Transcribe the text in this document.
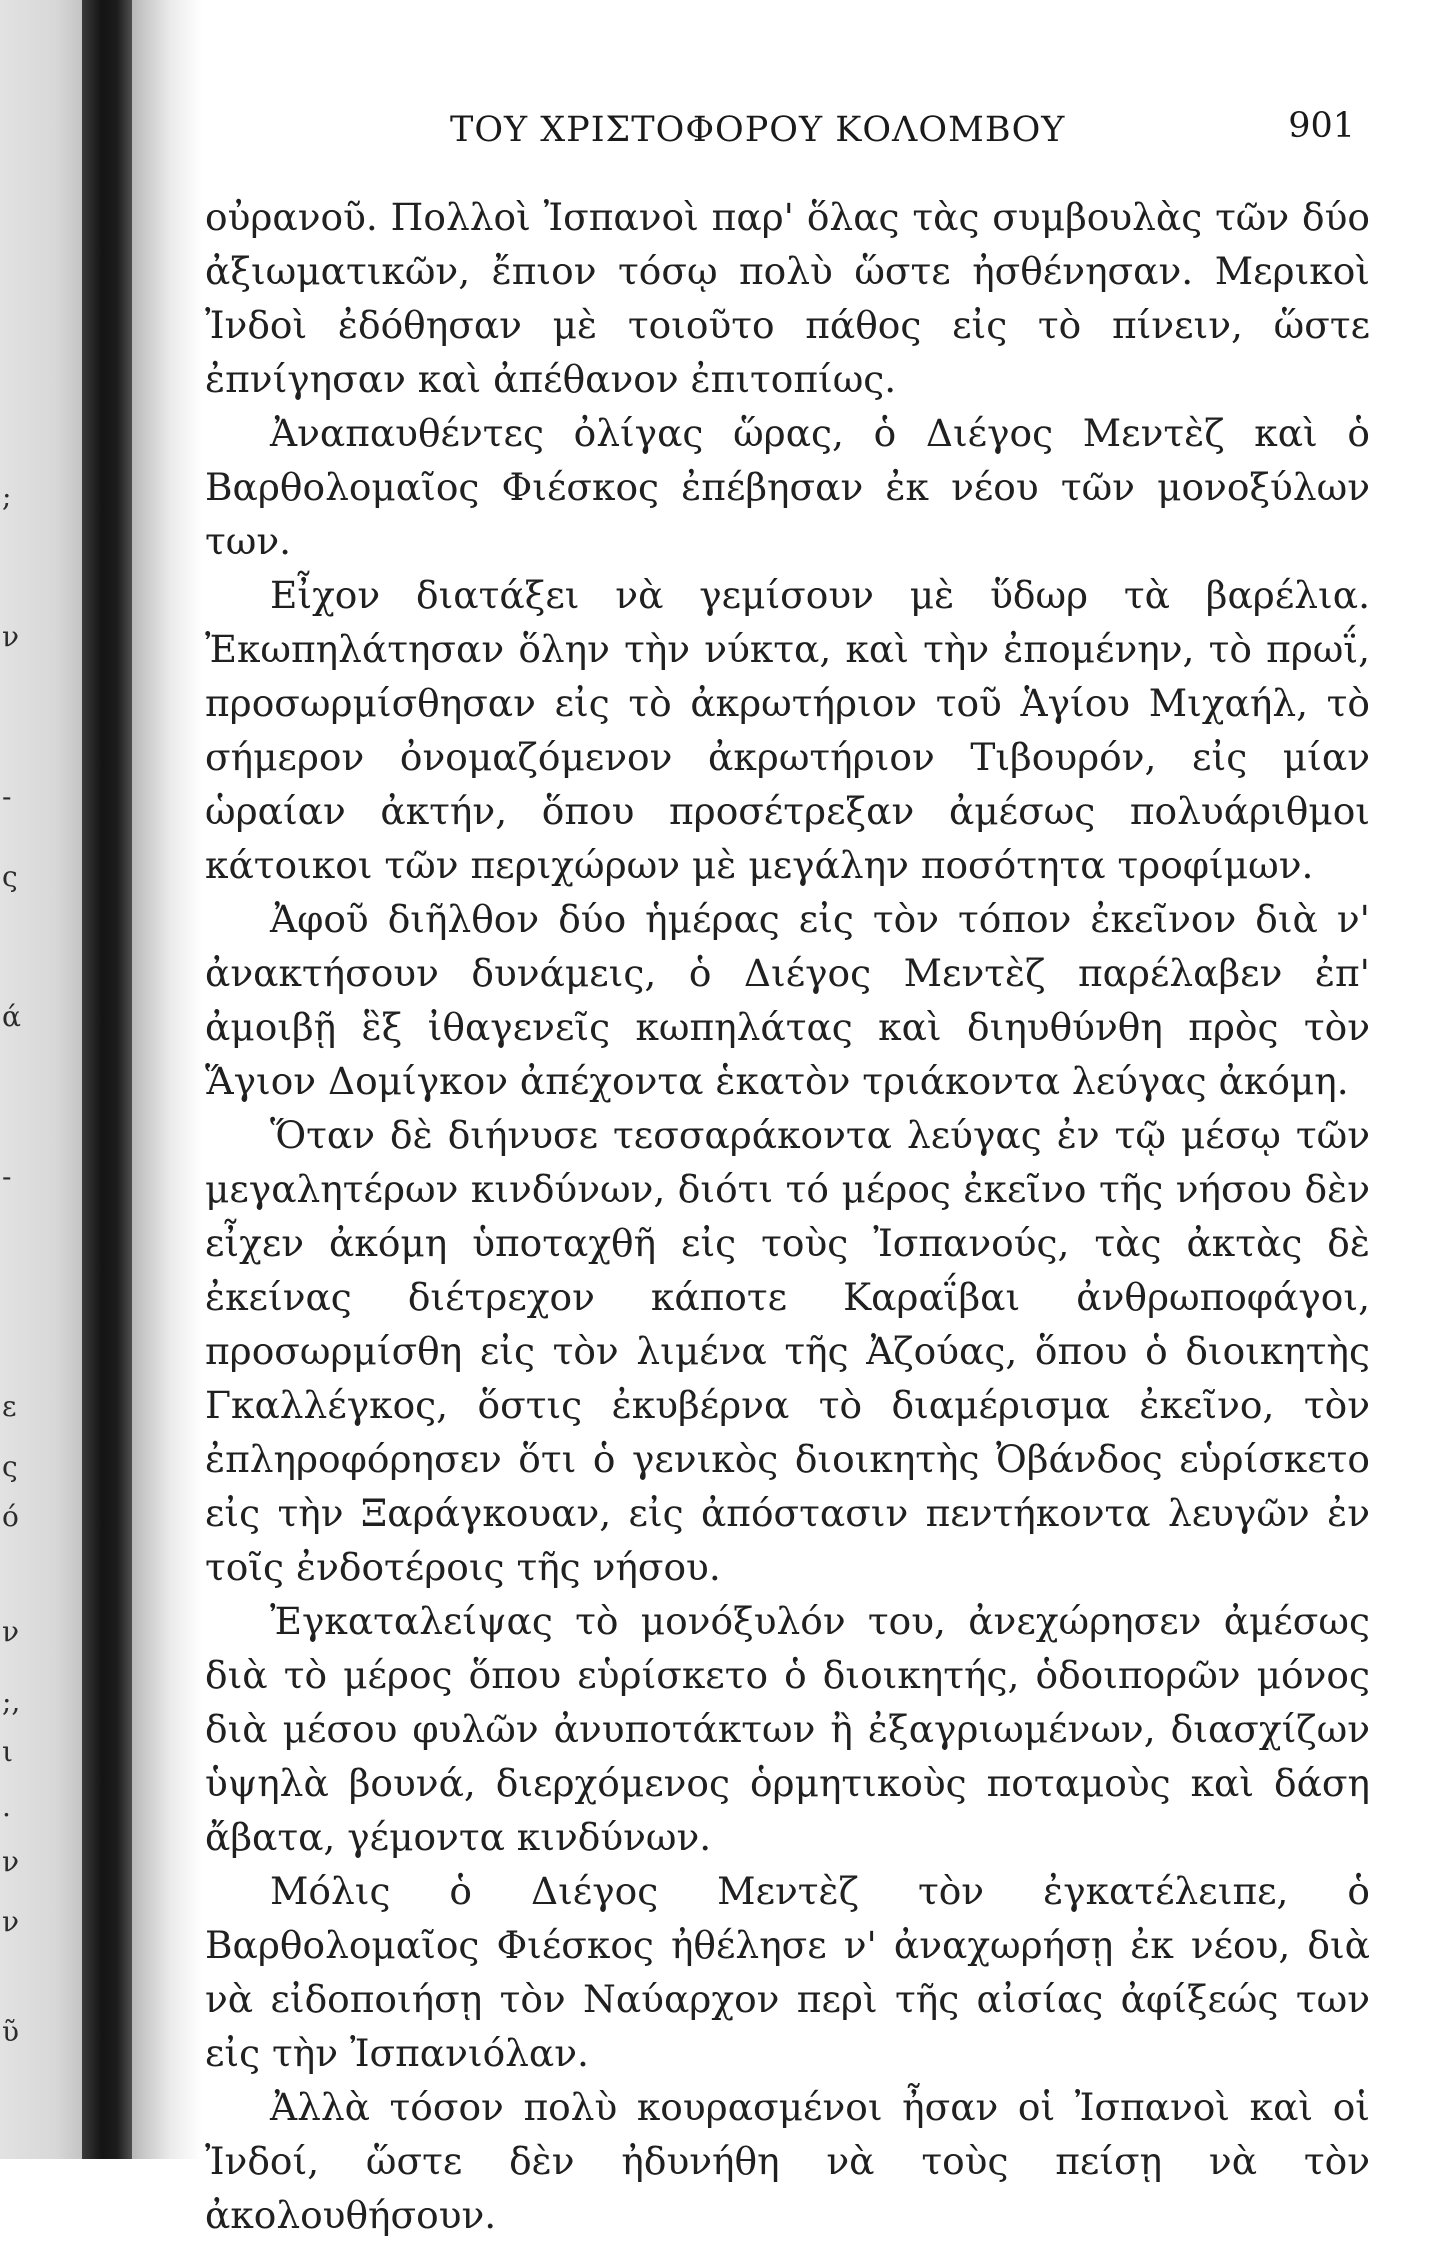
;
ν
-
ς
ά
-
ε
ς
ό
ν
;,
ι
.
ν
ν
ῦ
ΤΟΥ ΧΡΙΣΤΟΦΟΡΟΥ ΚΟΛΟΜΒΟΥ	901

οὐρανοῦ. Πολλοὶ Ἰσπανοὶ παρ' ὅλας τὰς συμβουλὰς τῶν δύο ἀξιωματικῶν, ἔπιον τόσῳ πολὺ ὥστε ἠσθένησαν. Μερικοὶ Ἰνδοὶ ἐδόθησαν μὲ τοιοῦτο πάθος εἰς τὸ πίνειν, ὥστε ἐπνίγησαν καὶ ἀπέθανον ἐπιτοπίως.

Ἀναπαυθέντες ὀλίγας ὥρας, ὁ Διέγος Μεντὲζ καὶ ὁ Βαρθολομαῖος Φιέσκος ἐπέβησαν ἐκ νέου τῶν μονοξύλων των.

Εἶχον διατάξει νὰ γεμίσουν μὲ ὕδωρ τὰ βαρέλια. Ἐκωπηλάτησαν ὅλην τὴν νύκτα, καὶ τὴν ἐπομένην, τὸ πρωΐ, προσωρμίσθησαν εἰς τὸ ἀκρωτήριον τοῦ Ἁγίου Μιχαήλ, τὸ σήμερον ὀνομαζόμενον ἀκρωτήριον Τιβουρόν, εἰς μίαν ὡραίαν ἀκτήν, ὅπου προσέτρεξαν ἀμέσως πολυάριθμοι κάτοικοι τῶν περιχώρων μὲ μεγάλην ποσότητα τροφίμων.

Ἀφοῦ διῆλθον δύο ἡμέρας εἰς τὸν τόπον ἐκεῖνον διὰ ν' ἀνακτήσουν δυνάμεις, ὁ Διέγος Μεντὲζ παρέλαβεν ἐπ' ἀμοιβῇ ἓξ ἰθαγενεῖς κωπηλάτας καὶ διηυθύνθη πρὸς τὸν Ἅγιον Δομίγκον ἀπέχοντα ἑκατὸν τριάκοντα λεύγας ἀκόμη.

Ὅταν δὲ διήνυσε τεσσαράκοντα λεύγας ἐν τῷ μέσῳ τῶν μεγαλητέρων κινδύνων, διότι τό μέρος ἐκεῖνο τῆς νήσου δὲν εἶχεν ἀκόμη ὑποταχθῆ εἰς τοὺς Ἰσπανούς, τὰς ἀκτὰς δὲ ἐκείνας διέτρεχον κάποτε Καραΐβαι ἀνθρωποφάγοι, προσωρμίσθη εἰς τὸν λιμένα τῆς Ἀζούας, ὅπου ὁ διοικητὴς Γκαλλέγκος, ὅστις ἐκυβέρνα τὸ διαμέρισμα ἐκεῖνο, τὸν ἐπληροφόρησεν ὅτι ὁ γενικὸς διοικητὴς Ὀβάνδος εὑρίσκετο εἰς τὴν Ξαράγκουαν, εἰς ἀπόστασιν πεντήκοντα λευγῶν ἐν τοῖς ἐνδοτέροις τῆς νήσου.

Ἐγκαταλείψας τὸ μονόξυλόν του, ἀνεχώρησεν ἀμέσως διὰ τὸ μέρος ὅπου εὑρίσκετο ὁ διοικητής, ὁδοιπορῶν μόνος διὰ μέσου φυλῶν ἀνυποτάκτων ἢ ἐξαγριωμένων, διασχίζων ὑψηλὰ βουνά, διερχόμενος ὁρμητικοὺς ποταμοὺς καὶ δάση ἄβατα, γέμοντα κινδύνων.

Μόλις ὁ Διέγος Μεντὲζ τὸν ἐγκατέλειπε, ὁ Βαρθολομαῖος Φιέσκος ἠθέλησε ν' ἀναχωρήσῃ ἐκ νέου, διὰ νὰ εἰδοποιήσῃ τὸν Ναύαρχον περὶ τῆς αἰσίας ἀφίξεώς των εἰς τὴν Ἰσπανιόλαν.

Ἀλλὰ τόσον πολὺ κουρασμένοι ἦσαν οἱ Ἰσπανοὶ καὶ οἱ Ἰνδοί, ὥστε δὲν ἠδυνήθη νὰ τοὺς πείσῃ νὰ τὸν ἀκολουθήσουν.
